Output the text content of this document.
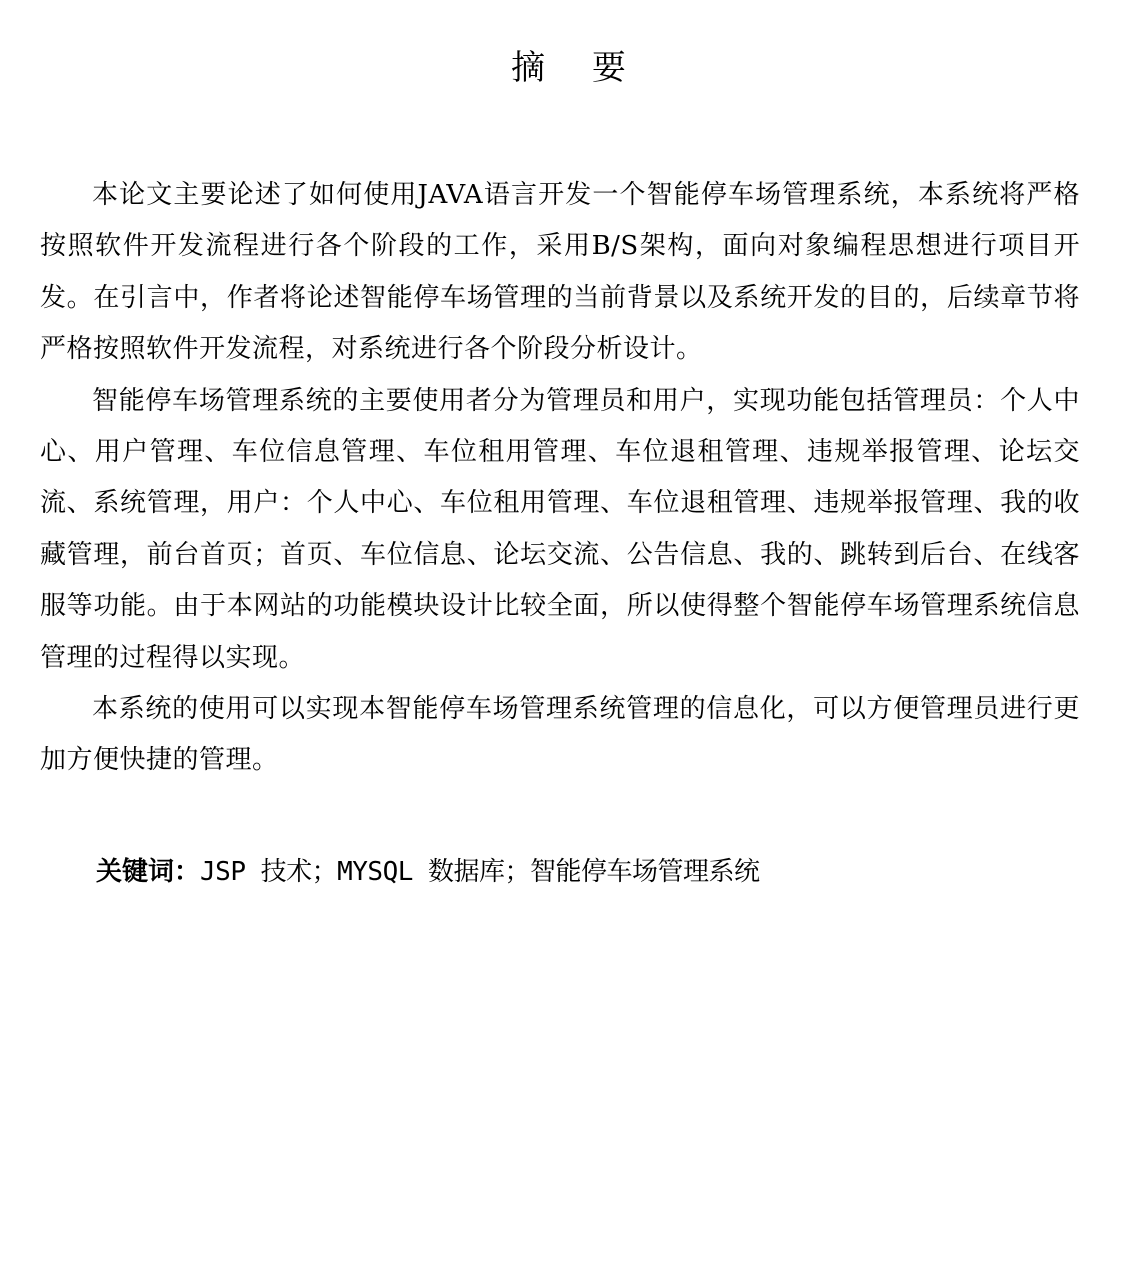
摘 要

本论文主要论述了如何使用JAVA语言开发一个智能停车场管理系统，本系统将严格按照软件开发流程进行各个阶段的工作，采用B/S架构，面向对象编程思想进行项目开发。在引言中，作者将论述智能停车场管理的当前背景以及系统开发的目的，后续章节将严格按照软件开发流程，对系统进行各个阶段分析设计。

智能停车场管理系统的主要使用者分为管理员和用户，实现功能包括管理员：个人中心、用户管理、车位信息管理、车位租用管理、车位退租管理、违规举报管理、论坛交流、系统管理，用户：个人中心、车位租用管理、车位退租管理、违规举报管理、我的收藏管理，前台首页；首页、车位信息、论坛交流、公告信息、我的、跳转到后台、在线客服等功能。由于本网站的功能模块设计比较全面，所以使得整个智能停车场管理系统信息管理的过程得以实现。

本系统的使用可以实现本智能停车场管理系统管理的信息化，可以方便管理员进行更加方便快捷的管理。

关键词：JSP 技术；MYSQL 数据库；智能停车场管理系统
